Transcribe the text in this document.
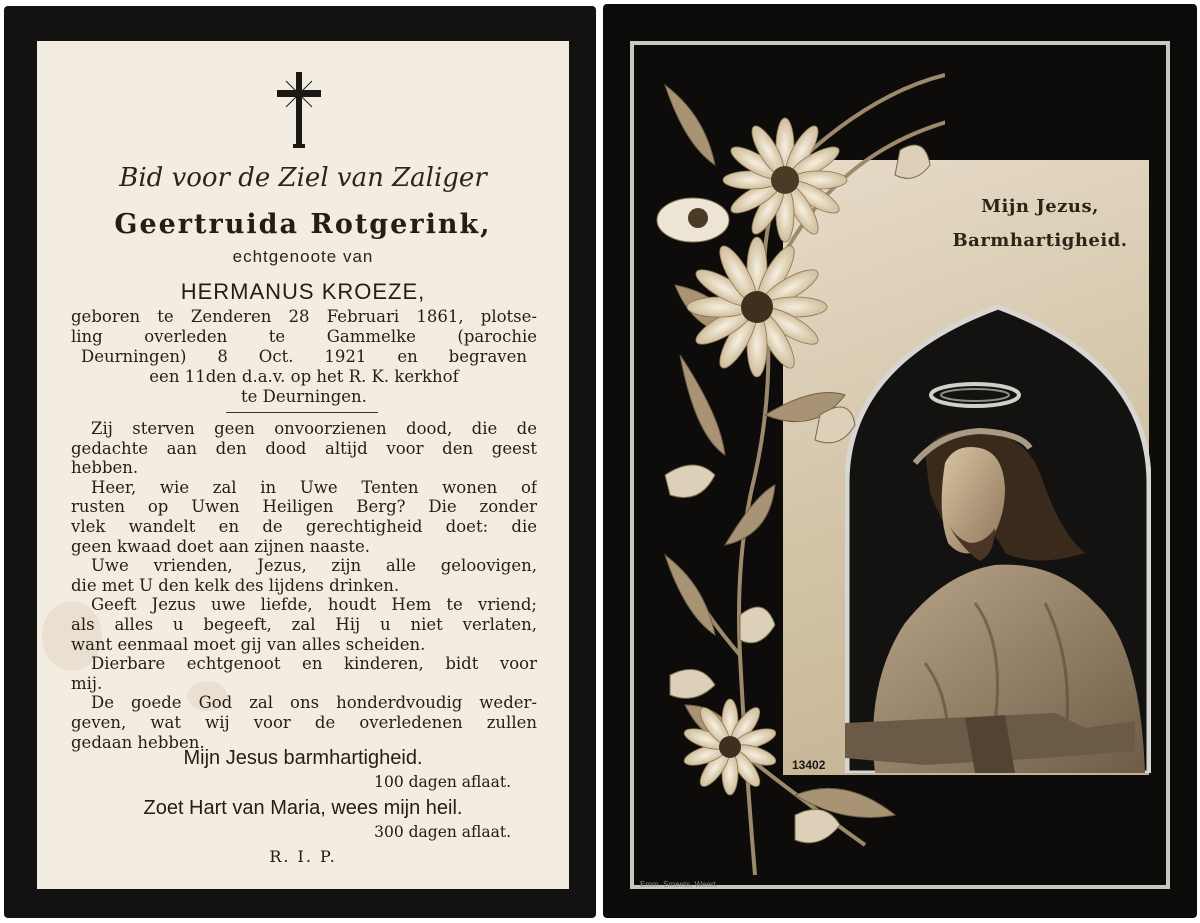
Bid voor de Ziel van Zaliger
Geertruida Rotgerink,
echtgenoote van
HERMANUS KROEZE,
geboren te Zenderen 28 Februari 1861, plotse-
ling overleden te Gammelke (parochie
Deurningen) 8 Oct. 1921 en begraven
een 11den d.a.v. op het R. K. kerkhof
te Deurningen.
Zij sterven geen onvoorzienen dood, die de
gedachte aan den dood altijd voor den geest
hebben.
Heer, wie zal in Uwe Tenten wonen of
rusten op Uwen Heiligen Berg? Die zonder
vlek wandelt en de gerechtigheid doet: die
geen kwaad doet aan zijnen naaste.
Uwe vrienden, Jezus, zijn alle geloovigen,
die met U den kelk des lijdens drinken.
Geeft Jezus uwe liefde, houdt Hem te vriend;
als alles u begeeft, zal Hij u niet verlaten,
want eenmaal moet gij van alles scheiden.
Dierbare echtgenoot en kinderen, bidt voor
mij.
De goede God zal ons honderdvoudig weder-
geven, wat wij voor de overledenen zullen
gedaan hebben.
Mijn Jesus barmhartigheid.
100 dagen aflaat.
Zoet Hart van Maria, wees mijn heil.
300 dagen aflaat.
R. I. P.
Mijn Jezus,
Barmhartigheid.
13402
Emm. Smeets, Weert.
